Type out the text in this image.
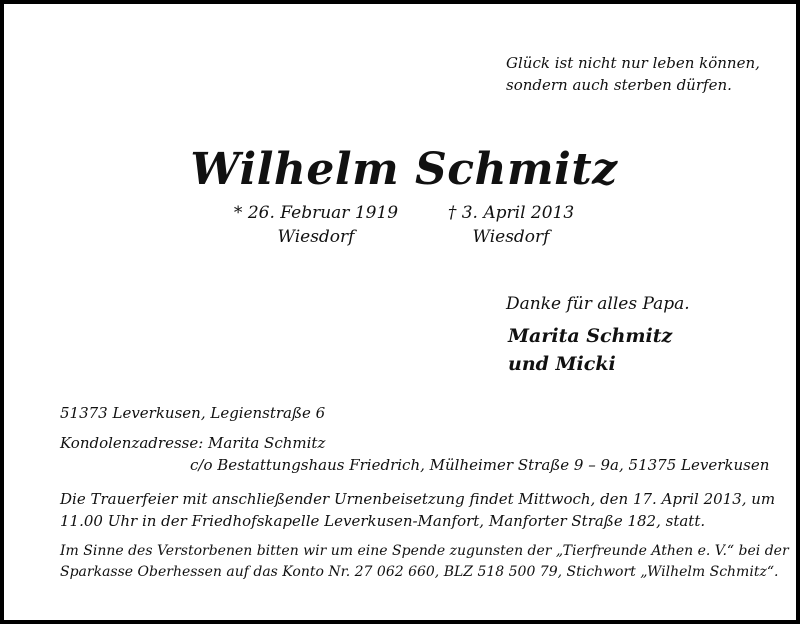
Glück ist nicht nur leben können,
sondern auch sterben dürfen.
Wilhelm Schmitz
* 26. Februar 1919
Wiesdorf
† 3. April 2013
Wiesdorf
Danke für alles Papa.
Marita Schmitz
und Micki
51373 Leverkusen, Legienstraße 6
Kondolenzadresse: Marita Schmitz
c/o Bestattungshaus Friedrich, Mülheimer Straße 9 – 9a, 51375 Leverkusen
Die Trauerfeier mit anschließender Urnenbeisetzung findet Mittwoch, den 17. April 2013, um
11.00 Uhr in der Friedhofskapelle Leverkusen-Manfort, Manforter Straße 182, statt.
Im Sinne des Verstorbenen bitten wir um eine Spende zugunsten der „Tierfreunde Athen e. V.“ bei der
Sparkasse Oberhessen auf das Konto Nr. 27 062 660, BLZ 518 500 79, Stichwort „Wilhelm Schmitz“.
